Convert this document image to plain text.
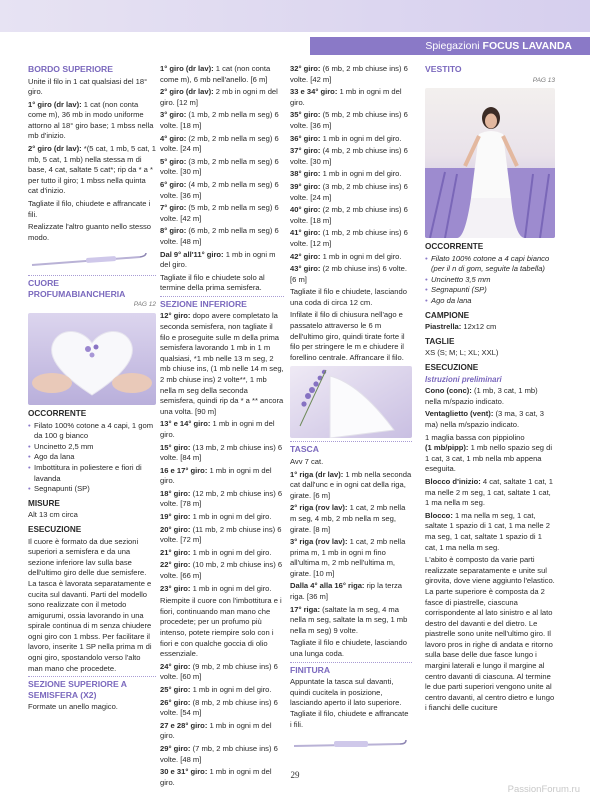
Spiegazioni FOCUS LAVANDA
BORDO SUPERIORE

Unite il filo in 1 cat qualsiasi del 18° giro.

1° giro (dr lav): 1 cat (non conta come m), 36 mb in modo uniforme attorno al 18° giro base; 1 mbss nella mb d'inizio.

2° giro (dr lav): *(5 cat, 1 mb, 5 cat, 1 mb, 5 cat, 1 mb) nella stessa m di base, 4 cat, saltate 5 cat*; rip da * a * per tutto il giro; 1 mbss nella quinta cat d'inizio.

Tagliate il filo, chiudete e affrancate i fili.

Realizzate l'altro guanto nello stesso modo.

CUORE PROFUMABIANCHERIA
PAG 12
OCCORRENTE
• Filato 100% cotone a 4 capi, 1 gom da 100 g bianco
• Uncinetto 2,5 mm
• Ago da lana
• Imbottitura in poliestere e fiori di lavanda
• Segnapunti (SP)
MISURE

Alt 13 cm circa

ESECUZIONE

Il cuore è formato da due sezioni superiori a semisfera e da una sezione inferiore lav sulla base dell'ultimo giro delle due semisfere. La tasca è lavorata separatamente e cucita sul davanti. Parti del modello sono realizzate con il metodo amigurumi, ossia lavorando in una spirale continua di m senza chiudere ogni giro con 1 mbss. Per facilitare il lavoro, inserite 1 SP nella prima m di ogni giro, spostandolo verso l'alto man mano che procedete.

SEZIONE SUPERIORE A SEMISFERA (X2)

Formate un anello magico.

1° giro (dr lav): 1 cat (non conta come m), 6 mb nell'anello. [6 m]

2° giro (dr lav): 2 mb in ogni m del giro. [12 m]

3° giro: (1 mb, 2 mb nella m seg) 6 volte. [18 m]

4° giro: (2 mb, 2 mb nella m seg) 6 volte. [24 m]

5° giro: (3 mb, 2 mb nella m seg) 6 volte. [30 m]

6° giro: (4 mb, 2 mb nella m seg) 6 volte. [36 m]

7° giro: (5 mb, 2 mb nella m seg) 6 volte. [42 m]

8° giro: (6 mb, 2 mb nella m seg) 6 volte. [48 m]

Dal 9° all'11° giro: 1 mb in ogni m del giro.

Tagliate il filo e chiudete solo al termine della prima semisfera.

SEZIONE INFERIORE

12° giro: dopo avere completato la seconda semisfera, non tagliate il filo e proseguite sulle m della prima semisfera lavorando 1 mb in 1 m qualsiasi, *1 mb nelle 13 m seg, 2 mb chiuse ins, (1 mb nelle 14 m seg, 2 mb chiuse ins) 2 volte**, 1 mb nella m seg della seconda semisfera, quindi rip da * a ** ancora una volta. [90 m]

13° e 14° giro: 1 mb in ogni m del giro.

15° giro: (13 mb, 2 mb chiuse ins) 6 volte. [84 m]

16 e 17° giro: 1 mb in ogni m del giro.

18° giro: (12 mb, 2 mb chiuse ins) 6 volte. [78 m]

19° giro: 1 mb in ogni m del giro.

20° giro: (11 mb, 2 mb chiuse ins) 6 volte. [72 m]

21° giro: 1 mb in ogni m del giro.

22° giro: (10 mb, 2 mb chiuse ins) 6 volte. [66 m]

23° giro: 1 mb in ogni m del giro.

Riempite il cuore con l'imbottitura e i fiori, continuando man mano che procedete; per un profumo più intenso, potete riempire solo con i fiori e con qualche goccia di olio essenziale.

24° giro: (9 mb, 2 mb chiuse ins) 6 volte. [60 m]

25° giro: 1 mb in ogni m del giro.

26° giro: (8 mb, 2 mb chiuse ins) 6 volte. [54 m]

27 e 28° giro: 1 mb in ogni m del giro.

29° giro: (7 mb, 2 mb chiuse ins) 6 volte. [48 m]

30 e 31° giro: 1 mb in ogni m del giro.

32° giro: (6 mb, 2 mb chiuse ins) 6 volte. [42 m]

33 e 34° giro: 1 mb in ogni m del giro.

35° giro: (5 mb, 2 mb chiuse ins) 6 volte. [36 m]

36° giro: 1 mb in ogni m del giro.

37° giro: (4 mb, 2 mb chiuse ins) 6 volte. [30 m]

38° giro: 1 mb in ogni m del giro.

39° giro: (3 mb, 2 mb chiuse ins) 6 volte. [24 m]

40° giro: (2 mb, 2 mb chiuse ins) 6 volte. [18 m]

41° giro: (1 mb, 2 mb chiuse ins) 6 volte. [12 m]

42° giro: 1 mb in ogni m del giro.

43° giro: (2 mb chiuse ins) 6 volte. [6 m]

Tagliate il filo e chiudete, lasciando una coda di circa 12 cm.

Infilate il filo di chiusura nell'ago e passatelo attraverso le 6 m dell'ultimo giro, quindi tirate forte il filo per stringere le m e chiudere il forellino centrale. Affrancare il filo.

TASCA

Avv 7 cat.

1° riga (dr lav): 1 mb nella seconda cat dall'unc e in ogni cat della riga, girate. [6 m]

2° riga (rov lav): 1 cat, 2 mb nella m seg, 4 mb, 2 mb nella m seg, girate. [8 m]

3° riga (rov lav): 1 cat, 2 mb nella prima m, 1 mb in ogni m fino all'ultima m, 2 mb nell'ultima m, girate. [10 m]

Dalla 4° alla 16° riga: rip la terza riga. [36 m]

17° riga: (saltate la m seg, 4 ma nella m seg, saltate la m seg, 1 mb nella m seg) 9 volte.

Tagliate il filo e chiudete, lasciando una lunga coda.

FINITURA

Appuntate la tasca sul davanti, quindi cucitela in posizione, lasciando aperto il lato superiore. Tagliate il filo, chiudete e affrancate i fili.

VESTITO
PAG 13
OCCORRENTE
• Filato 100% cotone a 4 capi bianco (per il n di gom, seguite la tabella)
• Uncinetto 3,5 mm
• Segnapunti (SP)
• Ago da lana
CAMPIONE

Piastrella: 12x12 cm

TAGLIE

XS (S; M; L; XL; XXL)

ESECUZIONE
Istruzioni preliminari

Cono (conc): (1 mb, 3 cat, 1 mb) nella m/spazio indicato.

Ventaglietto (vent): (3 ma, 3 cat, 3 ma) nella m/spazio indicato.

1 maglia bassa con pippiolino

(1 mb/pipp): 1 mb nello spazio seg di 1 cat, 3 cat, 1 mb nella mb appena eseguita.

Blocco d'inizio: 4 cat, saltate 1 cat, 1 ma nelle 2 m seg, 1 cat, saltate 1 cat, 1 ma nella m seg.

Blocco: 1 ma nella m seg, 1 cat, saltate 1 spazio di 1 cat, 1 ma nelle 2 ma seg, 1 cat, saltate 1 spazio di 1 cat, 1 ma nella m seg.

L'abito è composto da varie parti realizzate separatamente e unite sul girovita, dove viene aggiunto l'elastico. La parte superiore è composta da 2 fasce di piastrelle, ciascuna corrispondente al lato sinistro e al lato destro del davanti e del dietro. Le piastrelle sono unite nell'ultimo giro. Il lavoro pros in righe di andata e ritorno sulla base delle due fasce lungo i margini laterali e lungo il margine al centro davanti di ciascuna. Al termine le due parti superiori vengono unite al centro davanti, al centro dietro e lungo i fianchi delle cuciture

29
PassionForum.ru
